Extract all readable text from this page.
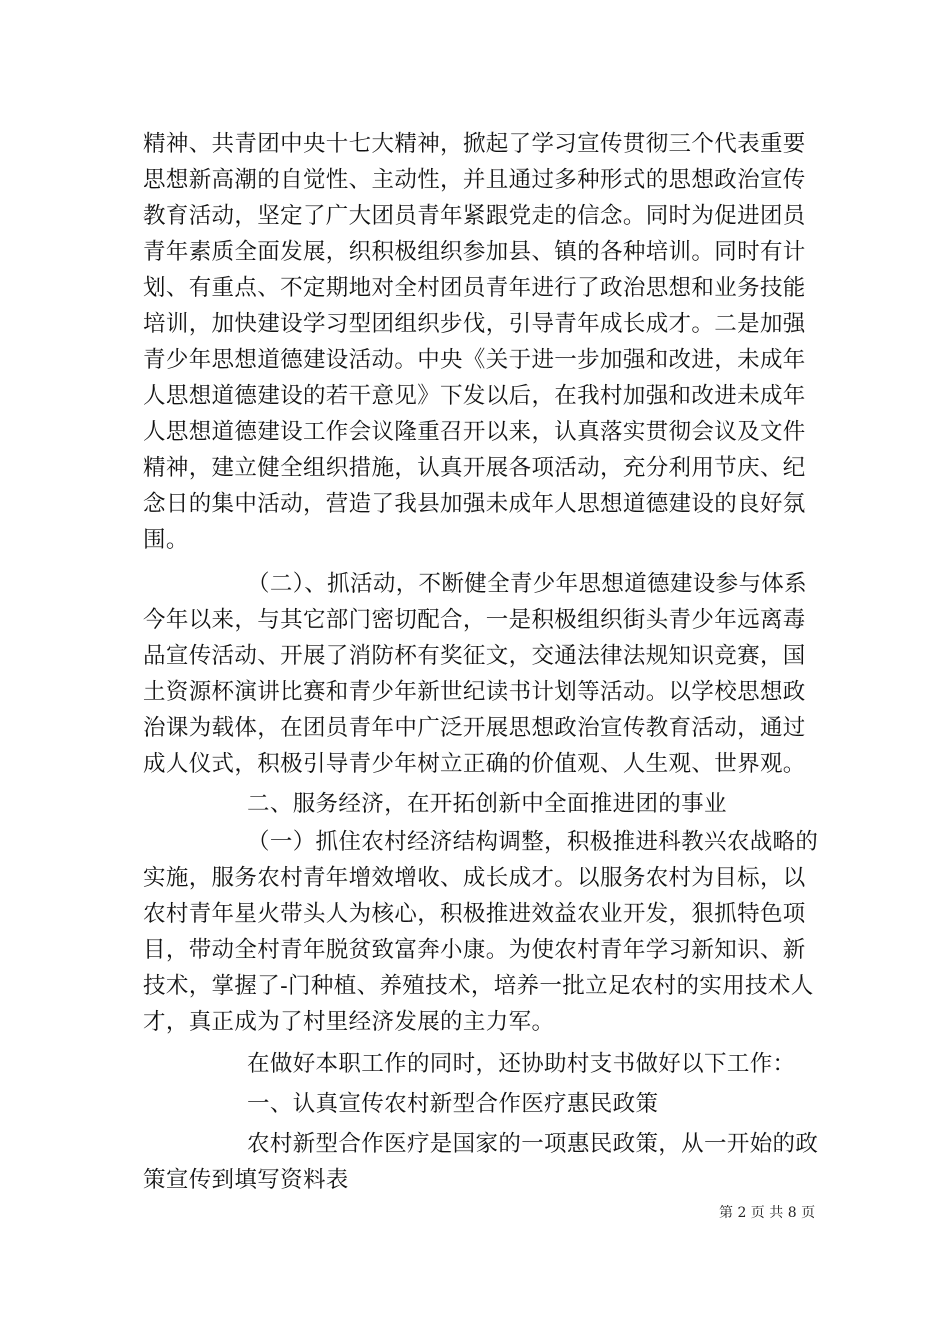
精神、共青团中央十七大精神，掀起了学习宣传贯彻三个代表重要
思想新高潮的自觉性、主动性，并且通过多种形式的思想政治宣传
教育活动，坚定了广大团员青年紧跟党走的信念。同时为促进团员
青年素质全面发展，织积极组织参加县、镇的各种培训。同时有计
划、有重点、不定期地对全村团员青年进行了政治思想和业务技能
培训，加快建设学习型团组织步伐，引导青年成长成才。二是加强
青少年思想道德建设活动。中央《关于进一步加强和改进，未成年
人思想道德建设的若干意见》下发以后，在我村加强和改进未成年
人思想道德建设工作会议隆重召开以来，认真落实贯彻会议及文件
精神，建立健全组织措施，认真开展各项活动，充分利用节庆、纪
念日的集中活动，营造了我县加强未成年人思想道德建设的良好氛
围。
（二）、抓活动，不断健全青少年思想道德建设参与体系
今年以来，与其它部门密切配合，一是积极组织街头青少年远离毒
品宣传活动、开展了消防杯有奖征文，交通法律法规知识竞赛，国
土资源杯演讲比赛和青少年新世纪读书计划等活动。以学校思想政
治课为载体，在团员青年中广泛开展思想政治宣传教育活动，通过
成人仪式，积极引导青少年树立正确的价值观、人生观、世界观。
二、服务经济，在开拓创新中全面推进团的事业
（一）抓住农村经济结构调整，积极推进科教兴农战略的
实施，服务农村青年增效增收、成长成才。以服务农村为目标，以
农村青年星火带头人为核心，积极推进效益农业开发，狠抓特色项
目，带动全村青年脱贫致富奔小康。为使农村青年学习新知识、新
技术，掌握了-门种植、养殖技术，培养一批立足农村的实用技术人
才，真正成为了村里经济发展的主力军。
在做好本职工作的同时，还协助村支书做好以下工作：
一、认真宣传农村新型合作医疗惠民政策
农村新型合作医疗是国家的一项惠民政策，从一开始的政
策宣传到填写资料表
第 2 页 共 8 页
